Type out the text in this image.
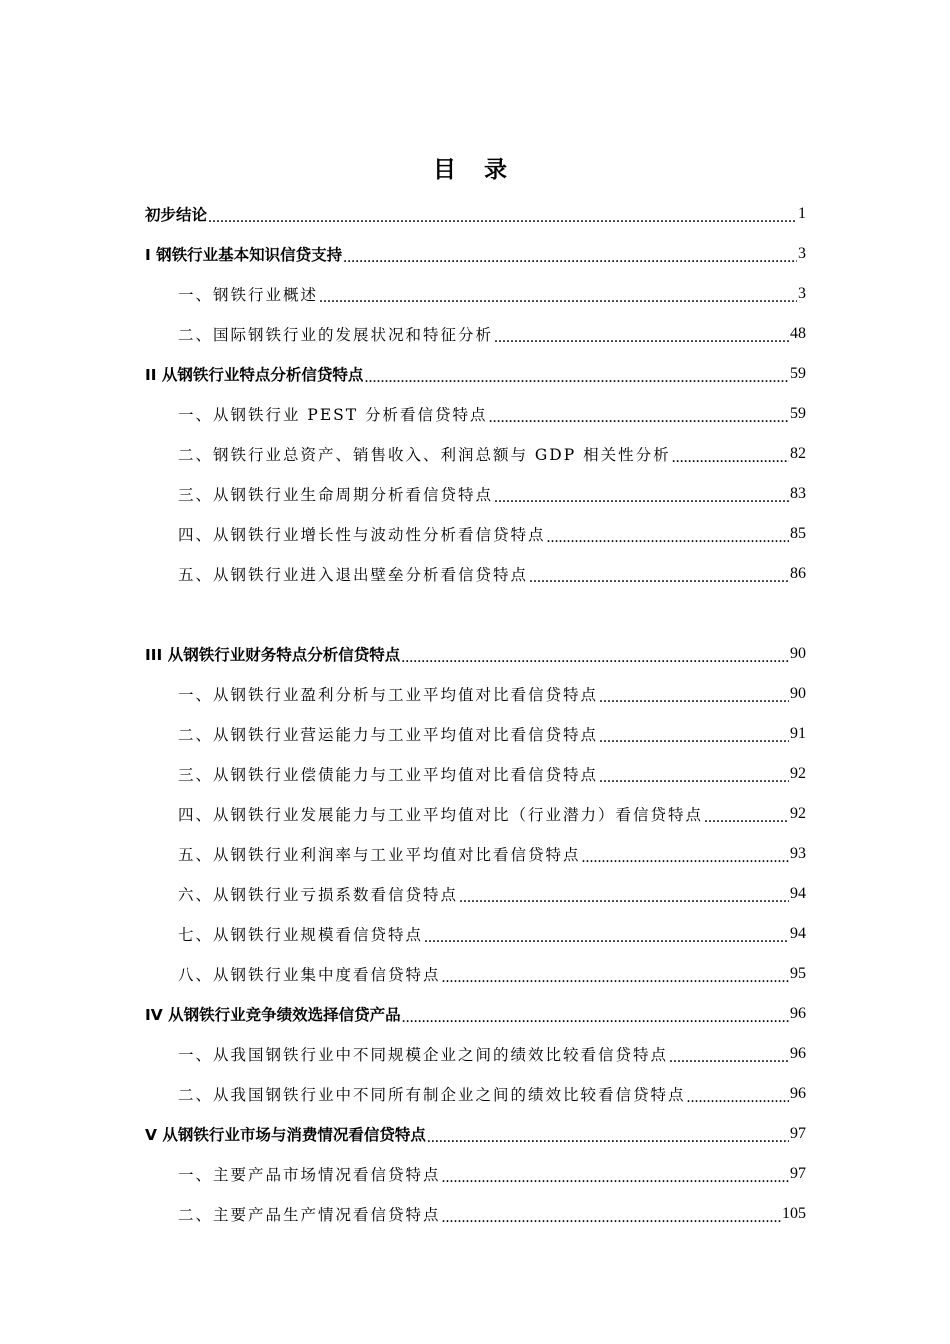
目 录
初步结论 .....	1
I 钢铁行业基本知识信贷支持 .....	3
一、钢铁行业概述 .....	3
二、国际钢铁行业的发展状况和特征分析 .....	48
II 从钢铁行业特点分析信贷特点 .....	59
一、从钢铁行业 PEST 分析看信贷特点 .....	59
二、钢铁行业总资产、销售收入、利润总额与 GDP 相关性分析 .....	82
三、从钢铁行业生命周期分析看信贷特点 .....	83
四、从钢铁行业增长性与波动性分析看信贷特点 .....	85
五、从钢铁行业进入退出壁垒分析看信贷特点 .....	86
III 从钢铁行业财务特点分析信贷特点 .....	90
一、从钢铁行业盈利分析与工业平均值对比看信贷特点 .....	90
二、从钢铁行业营运能力与工业平均值对比看信贷特点 .....	91
三、从钢铁行业偿债能力与工业平均值对比看信贷特点 .....	92
四、从钢铁行业发展能力与工业平均值对比（行业潜力）看信贷特点 .....	92
五、从钢铁行业利润率与工业平均值对比看信贷特点 .....	93
六、从钢铁行业亏损系数看信贷特点 .....	94
七、从钢铁行业规模看信贷特点 .....	94
八、从钢铁行业集中度看信贷特点 .....	95
IV 从钢铁行业竞争绩效选择信贷产品 .....	96
一、从我国钢铁行业中不同规模企业之间的绩效比较看信贷特点 .....	96
二、从我国钢铁行业中不同所有制企业之间的绩效比较看信贷特点 .....	96
V 从钢铁行业市场与消费情况看信贷特点 .....	97
一、主要产品市场情况看信贷特点 .....	97
二、主要产品生产情况看信贷特点 .....	105
